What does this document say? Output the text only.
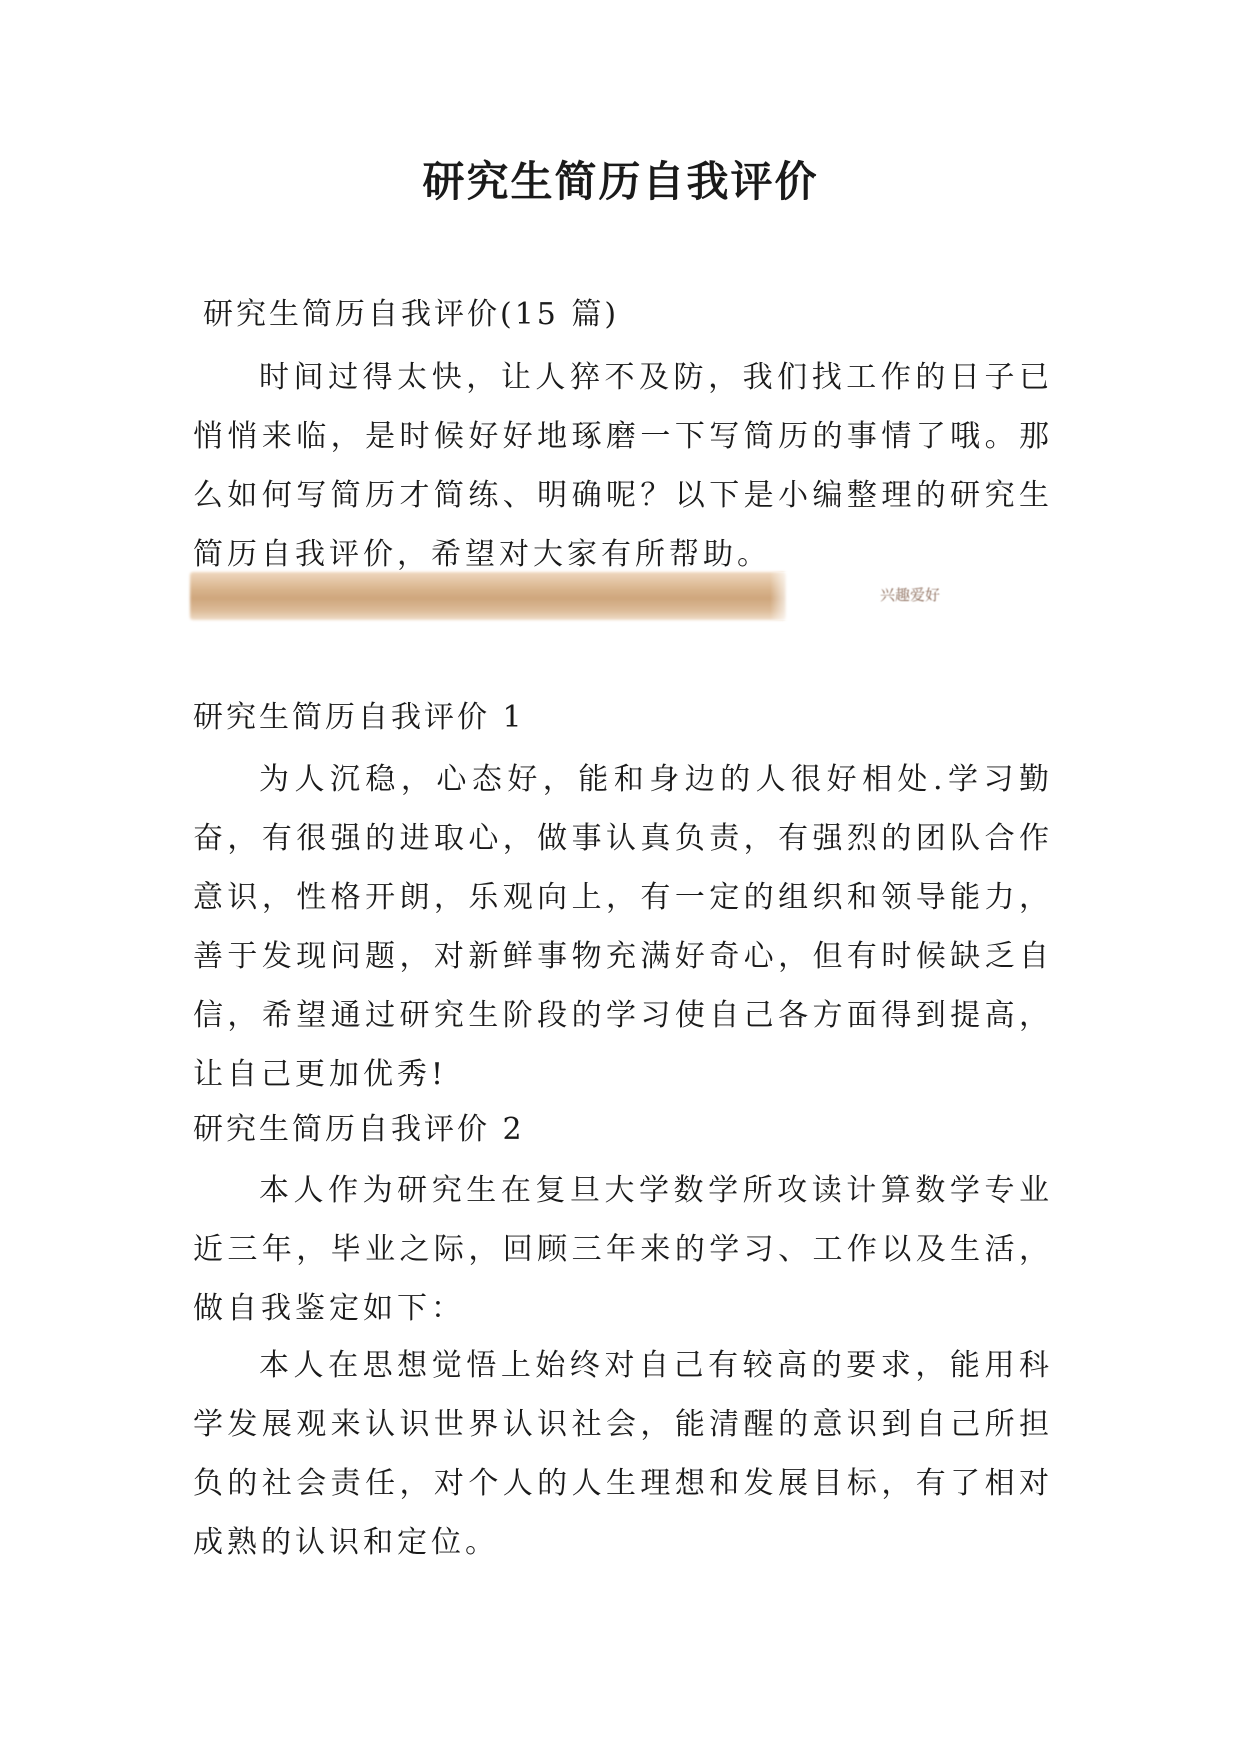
研究生简历自我评价
研究生简历自我评价(15 篇)

时间过得太快，让人猝不及防，我们找工作的日子已悄悄来临，是时候好好地琢磨一下写简历的事情了哦。那么如何写简历才简练、明确呢？以下是小编整理的研究生简历自我评价，希望对大家有所帮助。

兴趣爱好
研究生简历自我评价 1

为人沉稳，心态好，能和身边的人很好相处.学习勤奋，有很强的进取心，做事认真负责，有强烈的团队合作意识，性格开朗，乐观向上，有一定的组织和领导能力，善于发现问题，对新鲜事物充满好奇心，但有时候缺乏自信，希望通过研究生阶段的学习使自己各方面得到提高，让自己更加优秀!

研究生简历自我评价 2

本人作为研究生在复旦大学数学所攻读计算数学专业近三年，毕业之际，回顾三年来的学习、工作以及生活，做自我鉴定如下：

本人在思想觉悟上始终对自己有较高的要求，能用科学发展观来认识世界认识社会，能清醒的意识到自己所担负的社会责任，对个人的人生理想和发展目标，有了相对成熟的认识和定位。
